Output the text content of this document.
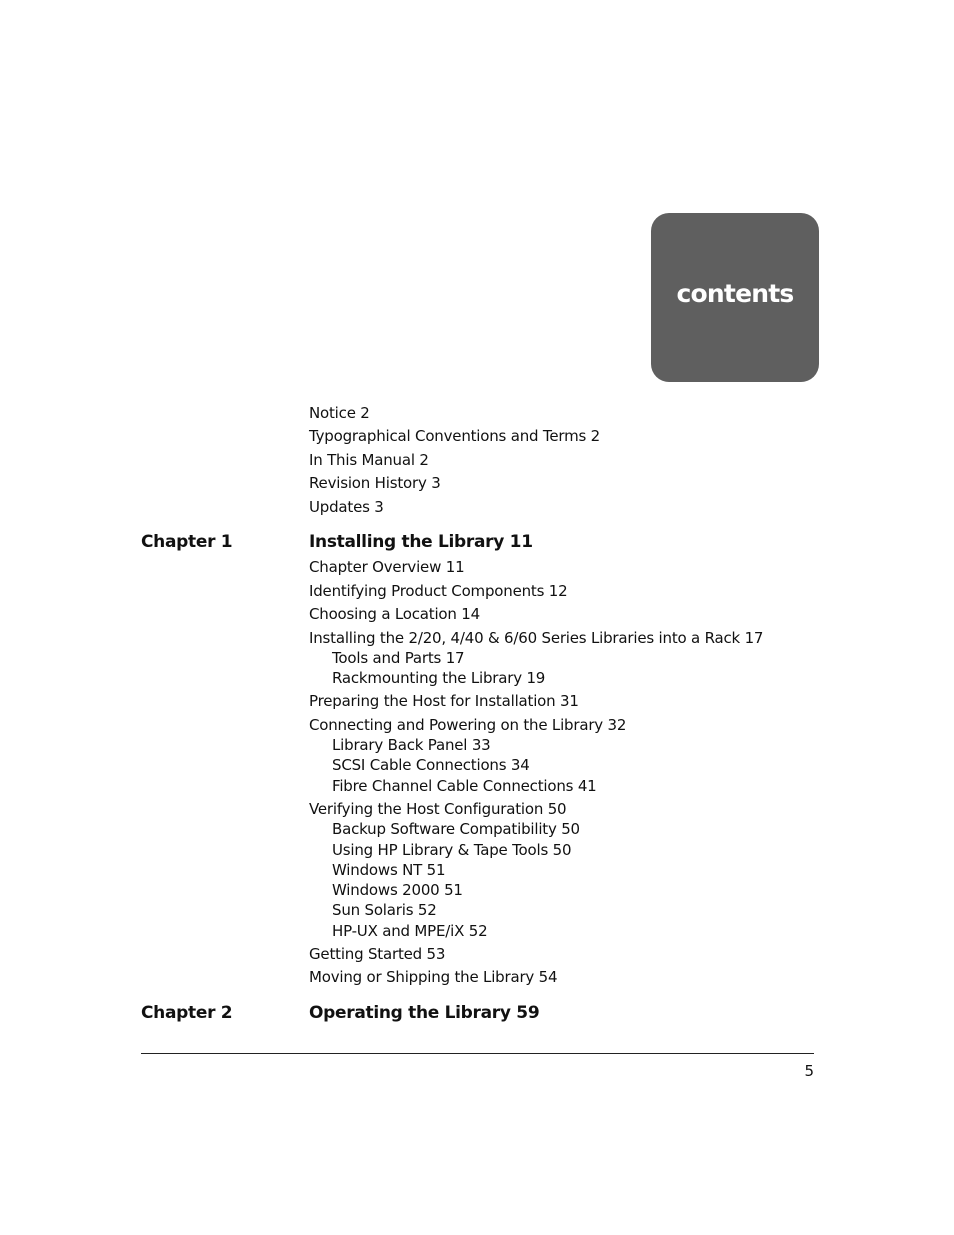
contents
Notice 2
Typographical Conventions and Terms 2
In This Manual 2
Revision History 3
Updates 3
Chapter 1	Installing the Library 11
Chapter Overview 11
Identifying Product Components 12
Choosing a Location 14
Installing the 2/20, 4/40 & 6/60 Series Libraries into a Rack 17
Tools and Parts 17
Rackmounting the Library 19
Preparing the Host for Installation 31
Connecting and Powering on the Library 32
Library Back Panel 33
SCSI Cable Connections 34
Fibre Channel Cable Connections 41
Verifying the Host Configuration 50
Backup Software Compatibility 50
Using HP Library & Tape Tools 50
Windows NT 51
Windows 2000 51
Sun Solaris 52
HP-UX and MPE/iX 52
Getting Started 53
Moving or Shipping the Library 54
Chapter 2	Operating the Library 59
5
